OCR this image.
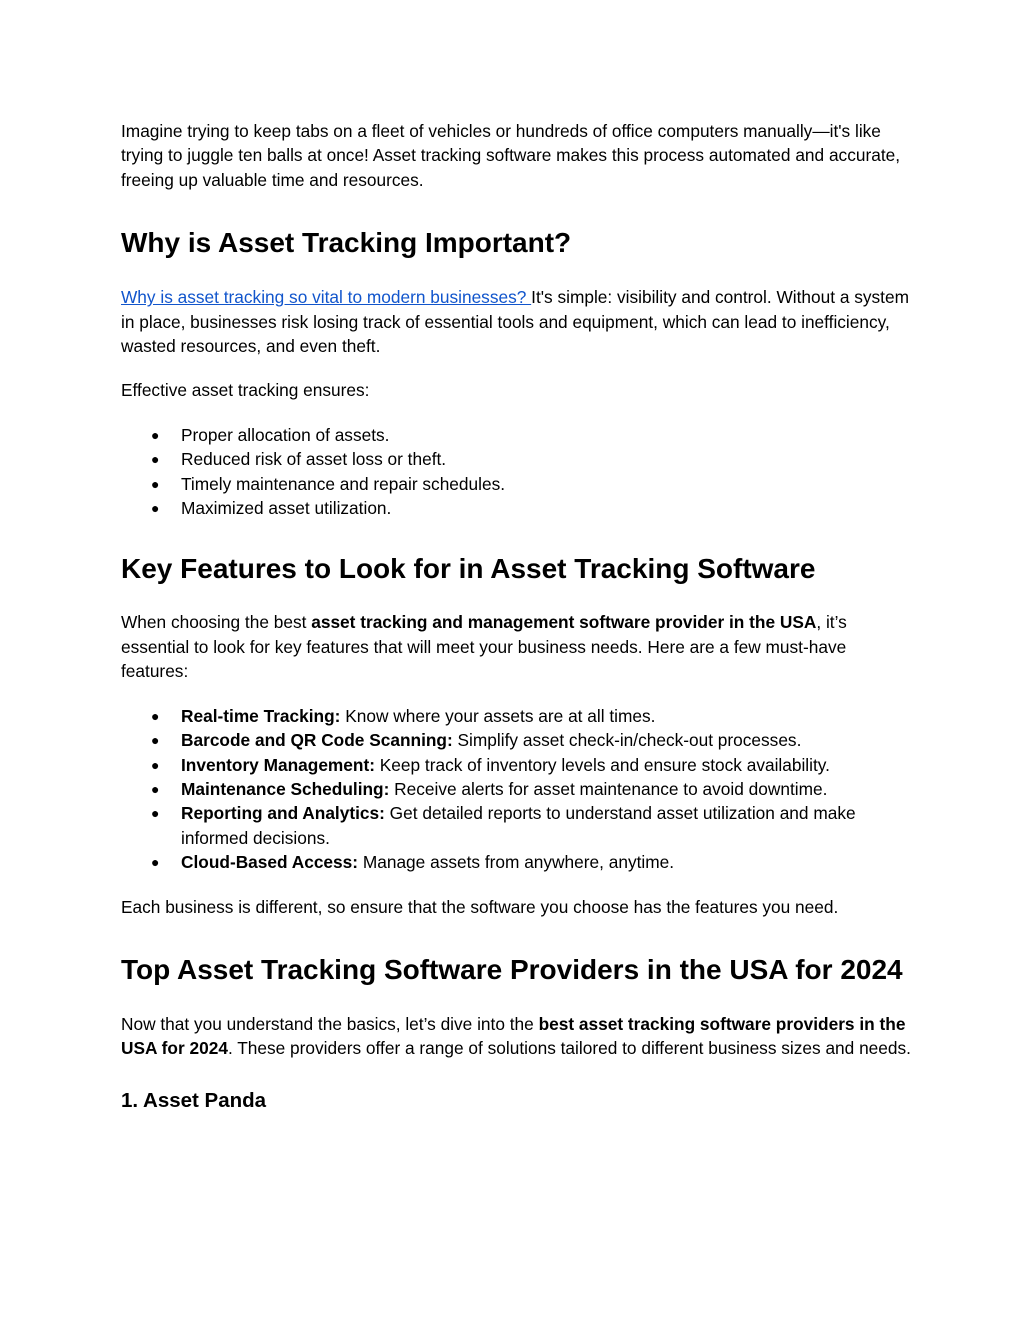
Imagine trying to keep tabs on a fleet of vehicles or hundreds of office computers manually—it's like trying to juggle ten balls at once! Asset tracking software makes this process automated and accurate, freeing up valuable time and resources.

Why is Asset Tracking Important?

Why is asset tracking so vital to modern businesses? It's simple: visibility and control. Without a system in place, businesses risk losing track of essential tools and equipment, which can lead to inefficiency, wasted resources, and even theft.

Effective asset tracking ensures:

● Proper allocation of assets.
● Reduced risk of asset loss or theft.
● Timely maintenance and repair schedules.
● Maximized asset utilization.
Key Features to Look for in Asset Tracking Software

When choosing the best asset tracking and management software provider in the USA, it’s essential to look for key features that will meet your business needs. Here are a few must-have features:

● Real-time Tracking: Know where your assets are at all times.
● Barcode and QR Code Scanning: Simplify asset check-in/check-out processes.
● Inventory Management: Keep track of inventory levels and ensure stock availability.
● Maintenance Scheduling: Receive alerts for asset maintenance to avoid downtime.
● Reporting and Analytics: Get detailed reports to understand asset utilization and make informed decisions.
● Cloud-Based Access: Manage assets from anywhere, anytime.

Each business is different, so ensure that the software you choose has the features you need.

Top Asset Tracking Software Providers in the USA for 2024

Now that you understand the basics, let’s dive into the best asset tracking software providers in the USA for 2024. These providers offer a range of solutions tailored to different business sizes and needs.

1. Asset Panda
